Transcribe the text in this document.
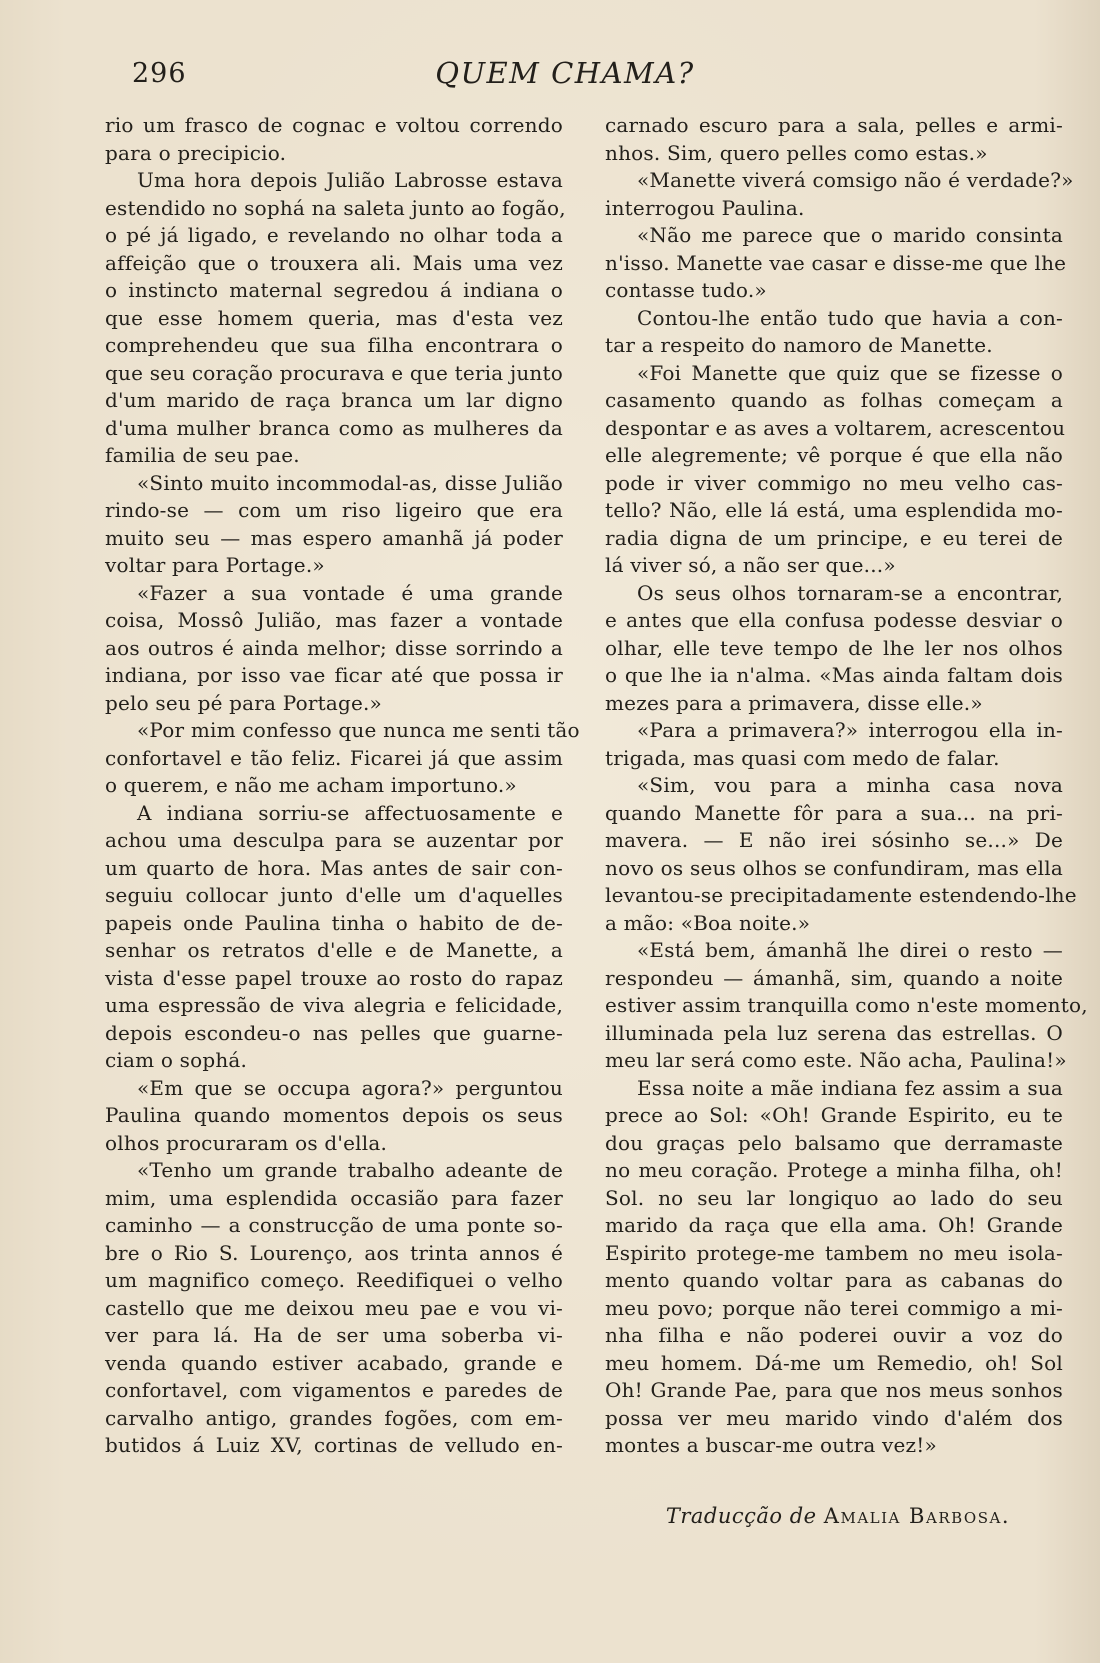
296	QUEM CHAMA?
rio um frasco de cognac e voltou correndo
para o precipicio.
Uma hora depois Julião Labrosse estava
estendido no sophá na saleta junto ao fogão,
o pé já ligado, e revelando no olhar toda a
affeição que o trouxera ali. Mais uma vez
o instincto maternal segredou á indiana o
que esse homem queria, mas d'esta vez
comprehendeu que sua filha encontrara o
que seu coração procurava e que teria junto
d'um marido de raça branca um lar digno
d'uma mulher branca como as mulheres da
familia de seu pae.
«Sinto muito incommodal-as, disse Julião
rindo-se — com um riso ligeiro que era
muito seu — mas espero amanhã já poder
voltar para Portage.»
«Fazer a sua vontade é uma grande
coisa, Mossô Julião, mas fazer a vontade
aos outros é ainda melhor; disse sorrindo a
indiana, por isso vae ficar até que possa ir
pelo seu pé para Portage.»
«Por mim confesso que nunca me senti tão
confortavel e tão feliz. Ficarei já que assim
o querem, e não me acham importuno.»
A indiana sorriu-se affectuosamente e
achou uma desculpa para se auzentar por
um quarto de hora. Mas antes de sair con-
seguiu collocar junto d'elle um d'aquelles
papeis onde Paulina tinha o habito de de-
senhar os retratos d'elle e de Manette, a
vista d'esse papel trouxe ao rosto do rapaz
uma espressão de viva alegria e felicidade,
depois escondeu-o nas pelles que guarne-
ciam o sophá.
«Em que se occupa agora?» perguntou
Paulina quando momentos depois os seus
olhos procuraram os d'ella.
«Tenho um grande trabalho adeante de
mim, uma esplendida occasião para fazer
caminho — a construcção de uma ponte so-
bre o Rio S. Lourenço, aos trinta annos é
um magnifico começo. Reedifiquei o velho
castello que me deixou meu pae e vou vi-
ver para lá. Ha de ser uma soberba vi-
venda quando estiver acabado, grande e
confortavel, com vigamentos e paredes de
carvalho antigo, grandes fogões, com em-
butidos á Luiz XV, cortinas de velludo en-
carnado escuro para a sala, pelles e armi-
nhos. Sim, quero pelles como estas.»
«Manette viverá comsigo não é verdade?»
interrogou Paulina.
«Não me parece que o marido consinta
n'isso. Manette vae casar e disse-me que lhe
contasse tudo.»
Contou-lhe então tudo que havia a con-
tar a respeito do namoro de Manette.
«Foi Manette que quiz que se fizesse o
casamento quando as folhas começam a
despontar e as aves a voltarem, acrescentou
elle alegremente; vê porque é que ella não
pode ir viver commigo no meu velho cas-
tello? Não, elle lá está, uma esplendida mo-
radia digna de um principe, e eu terei de
lá viver só, a não ser que...»
Os seus olhos tornaram-se a encontrar,
e antes que ella confusa podesse desviar o
olhar, elle teve tempo de lhe ler nos olhos
o que lhe ia n'alma. «Mas ainda faltam dois
mezes para a primavera, disse elle.»
«Para a primavera?» interrogou ella in-
trigada, mas quasi com medo de falar.
«Sim, vou para a minha casa nova
quando Manette fôr para a sua... na pri-
mavera. — E não irei sósinho se...» De
novo os seus olhos se confundiram, mas ella
levantou-se precipitadamente estendendo-lhe
a mão: «Boa noite.»
«Está bem, ámanhã lhe direi o resto —
respondeu — ámanhã, sim, quando a noite
estiver assim tranquilla como n'este momento,
illuminada pela luz serena das estrellas. O
meu lar será como este. Não acha, Paulina!»
Essa noite a mãe indiana fez assim a sua
prece ao Sol: «Oh! Grande Espirito, eu te
dou graças pelo balsamo que derramaste
no meu coração. Protege a minha filha, oh!
Sol. no seu lar longiquo ao lado do seu
marido da raça que ella ama. Oh! Grande
Espirito protege-me tambem no meu isola-
mento quando voltar para as cabanas do
meu povo; porque não terei commigo a mi-
nha filha e não poderei ouvir a voz do
meu homem. Dá-me um Remedio, oh! Sol
Oh! Grande Pae, para que nos meus sonhos
possa ver meu marido vindo d'além dos
montes a buscar-me outra vez!»
Traducção de Amalia Barbosa.
